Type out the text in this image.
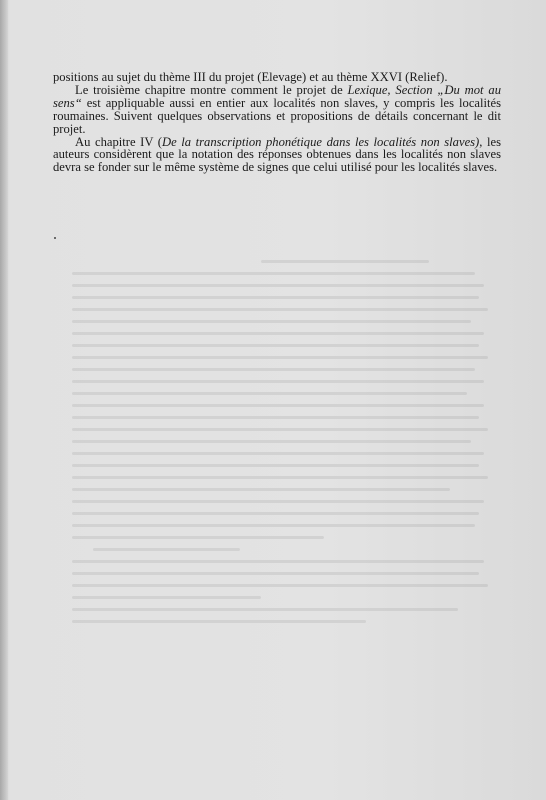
positions au sujet du thème III du projet (Elevage) et au thème XXVI (Relief).

Le troisième chapitre montre comment le projet de Lexique, Section „Du mot au sens“ est appliquable aussi en entier aux localités non slaves, y compris les localités roumaines. Suivent quelques observations et propositions de détails concernant le dit projet.

Au chapitre IV (De la transcription phonétique dans les localités non slaves), les auteurs considèrent que la notation des réponses obtenues dans les localités non slaves devra se fonder sur le même système de signes que celui utilisé pour les localités slaves.
